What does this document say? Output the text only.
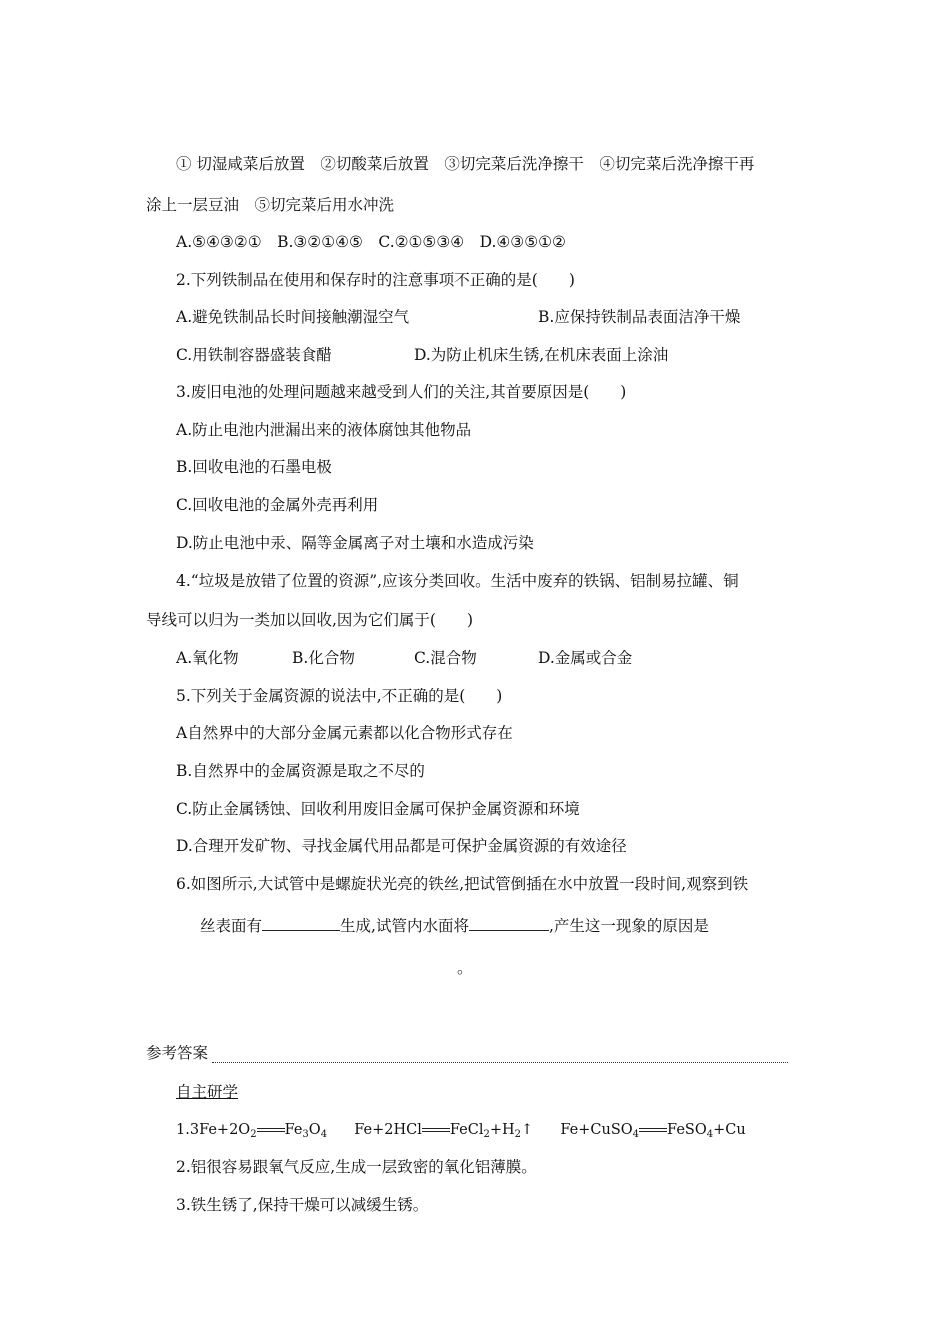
① 切湿咸菜后放置　②切酸菜后放置　③切完菜后洗净擦干　④切完菜后洗净擦干再
涂上一层豆油　⑤切完菜后用水冲洗
A.⑤④③②①　B.③②①④⑤　C.②①⑤③④　D.④③⑤①②
2.下列铁制品在使用和保存时的注意事项不正确的是(　　)
A.避免铁制品长时间接触潮湿空气	B.应保持铁制品表面洁净干燥
C.用铁制容器盛装食醋	D.为防止机床生锈,在机床表面上涂油
3.废旧电池的处理问题越来越受到人们的关注,其首要原因是(　　)
A.防止电池内泄漏出来的液体腐蚀其他物品
B.回收电池的石墨电极
C.回收电池的金属外壳再利用
D.防止电池中汞、隔等金属离子对土壤和水造成污染
4.“垃圾是放错了位置的资源”,应该分类回收。生活中废弃的铁锅、铝制易拉罐、铜
导线可以归为一类加以回收,因为它们属于(　　)
A.氧化物	B.化合物	C.混合物	D.金属或合金
5.下列关于金属资源的说法中,不正确的是(　　)
A自然界中的大部分金属元素都以化合物形式存在
B.自然界中的金属资源是取之不尽的
C.防止金属锈蚀、回收利用废旧金属可保护金属资源和环境
D.合理开发矿物、寻找金属代用品都是可保护金属资源的有效途径
6.如图所示,大试管中是螺旋状光亮的铁丝,把试管倒插在水中放置一段时间,观察到铁
丝表面有	生成,试管内水面将	,产生这一现象的原因是
。
参考答案
自主研学
$1.3Fe+2O_2$ $Fe_3O_4$ Fe+2HCl $FeCl_2+H_2↑$ Fe+CuSO$_4$ FeSO$_4$+Cu
2.铝很容易跟氧气反应,生成一层致密的氧化铝薄膜。
3.铁生锈了,保持干燥可以减缓生锈。
